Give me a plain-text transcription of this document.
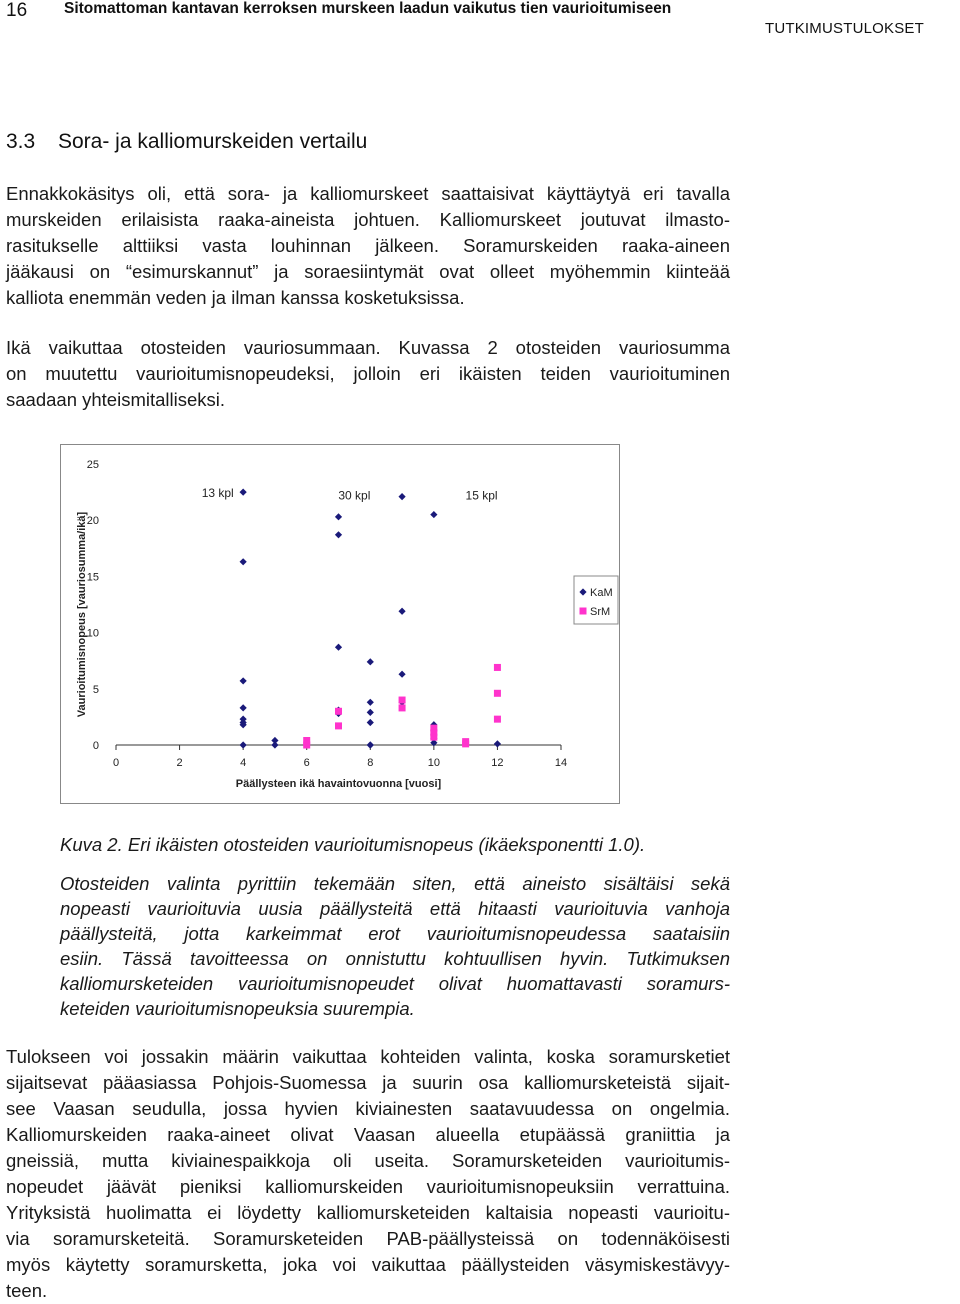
16 Sitomattoman kantavan kerroksen murskeen laadun vaikutus tien vaurioitumiseen
TUTKIMUSTULOKSET
3.3 Sora- ja kalliomurskeiden vertailu
Ennakkokäsitys oli, että sora- ja kalliomurskeet saattaisivat käyttäytyä eri tavalla
murskeiden erilaisista raaka-aineista johtuen. Kalliomurskeet joutuvat ilmasto-
rasitukselle alttiiksi vasta louhinnan jälkeen. Soramurskeiden raaka-aineen
jääkausi on “esimurskannut” ja soraesiintymät ovat olleet myöhemmin kiinteää
kalliota enemmän veden ja ilman kanssa kosketuksissa.
Ikä vaikuttaa otosteiden vauriosummaan. Kuvassa 2 otosteiden vauriosumma
on muutettu vaurioitumisnopeudeksi, jolloin eri ikäisten teiden vaurioituminen
saadaan yhteismitalliseksi.
0	2	4	6	8	10	12	14
0
5
10
15
20
25
Päällysteen ikä havaintovuonna [vuosi]
Vaurioitumisnopeus [vauriosumma/ikä]
13 kpl	30 kpl	15 kpl
KaM
SrM
Kuva 2. Eri ikäisten otosteiden vaurioitumisnopeus (ikäeksponentti 1.0).
Otosteiden valinta pyrittiin tekemään siten, että aineisto sisältäisi sekä
nopeasti vaurioituvia uusia päällysteitä että hitaasti vaurioituvia vanhoja
päällysteitä, jotta karkeimmat erot vaurioitumisnopeudessa saataisiin
esiin. Tässä tavoitteessa on onnistuttu kohtuullisen hyvin. Tutkimuksen
kalliomursketeiden vaurioitumisnopeudet olivat huomattavasti soramurs-
keteiden vaurioitumisnopeuksia suurempia.
Tulokseen voi jossakin määrin vaikuttaa kohteiden valinta, koska soramursketiet
sijaitsevat pääasiassa Pohjois-Suomessa ja suurin osa kalliomursketeistä sijait-
see Vaasan seudulla, jossa hyvien kiviainesten saatavuudessa on ongelmia.
Kalliomurskeiden raaka-aineet olivat Vaasan alueella etupäässä graniittia ja
gneissiä, mutta kiviainespaikkoja oli useita. Soramursketeiden vaurioitumis-
nopeudet jäävät pieniksi kalliomurskeiden vaurioitumisnopeuksiin verrattuina.
Yrityksistä huolimatta ei löydetty kalliomursketeiden kaltaisia nopeasti vaurioitu-
via soramursketeitä. Soramursketeiden PAB-päällysteissä on todennäköisesti
myös käytetty soramursketta, joka voi vaikuttaa päällysteiden väsymiskestävyy-
teen.
